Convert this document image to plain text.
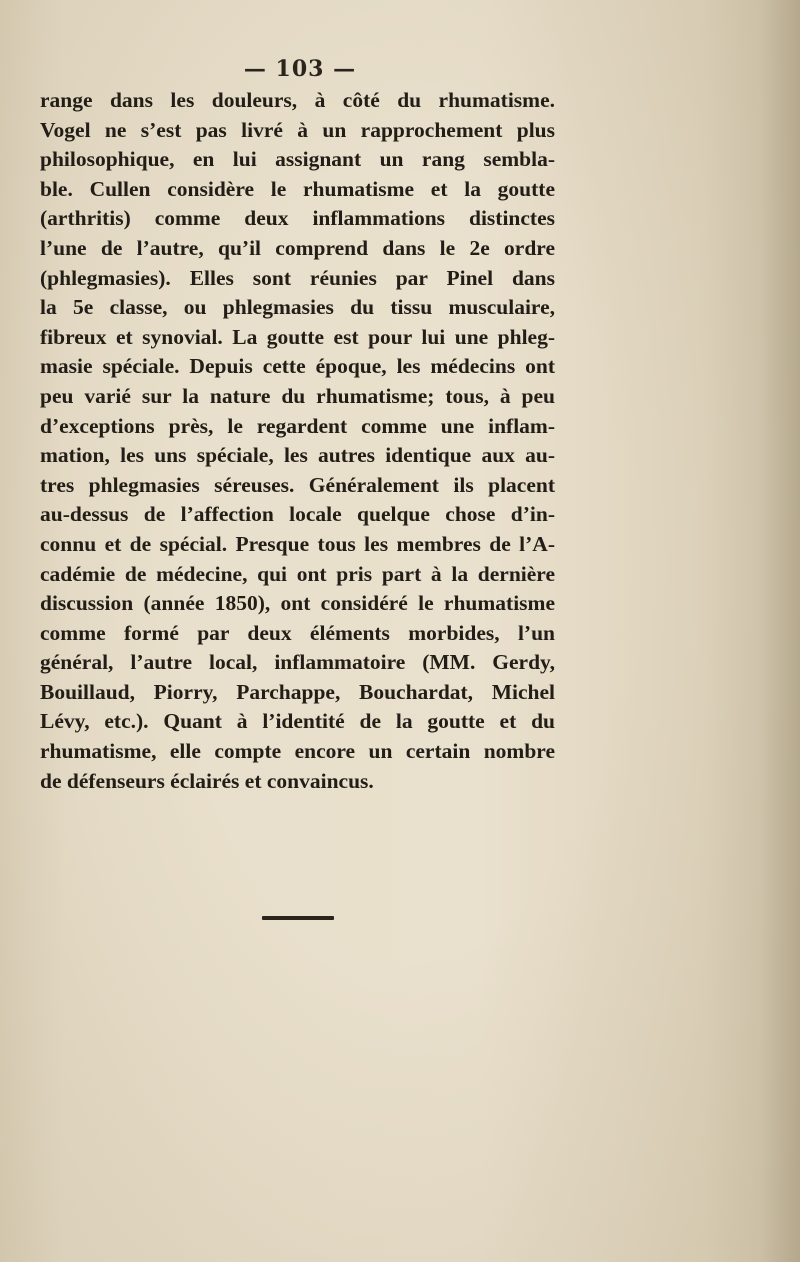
— 103 —
range dans les douleurs, à côté du rhumatisme.
Vogel ne s’est pas livré à un rapprochement plus
philosophique, en lui assignant un rang sembla-
ble. Cullen considère le rhumatisme et la goutte
(arthritis) comme deux inflammations distinctes
l’une de l’autre, qu’il comprend dans le 2e ordre
(phlegmasies). Elles sont réunies par Pinel dans
la 5e classe, ou phlegmasies du tissu musculaire,
fibreux et synovial. La goutte est pour lui une phleg-
masie spéciale. Depuis cette époque, les médecins ont
peu varié sur la nature du rhumatisme; tous, à peu
d’exceptions près, le regardent comme une inflam-
mation, les uns spéciale, les autres identique aux au-
tres phlegmasies séreuses. Généralement ils placent
au-dessus de l’affection locale quelque chose d’in-
connu et de spécial. Presque tous les membres de l’A-
cadémie de médecine, qui ont pris part à la dernière
discussion (année 1850), ont considéré le rhumatisme
comme formé par deux éléments morbides, l’un
général, l’autre local, inflammatoire (MM. Gerdy,
Bouillaud, Piorry, Parchappe, Bouchardat, Michel
Lévy, etc.). Quant à l’identité de la goutte et du
rhumatisme, elle compte encore un certain nombre
de défenseurs éclairés et convaincus.
